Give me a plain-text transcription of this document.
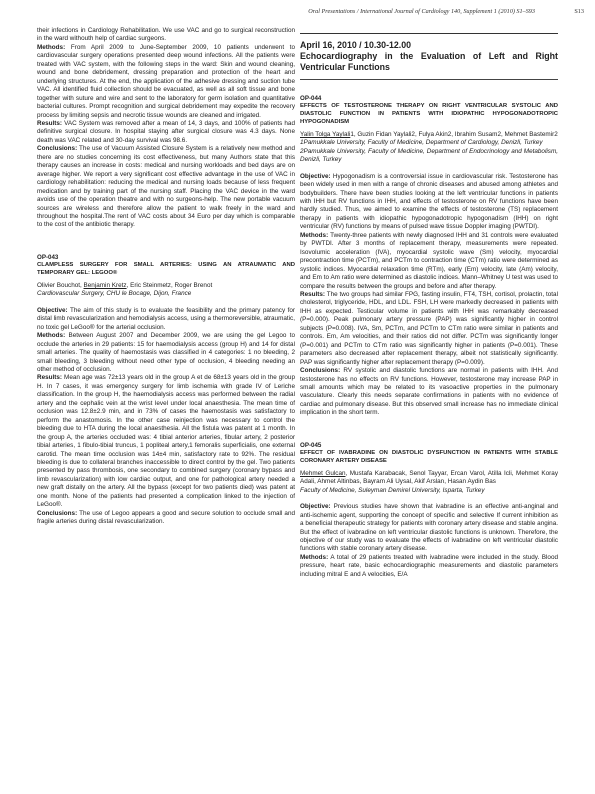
Oral Presentations / International Journal of Cardiology 140, Supplement 1 (2010) S1–S93	S13

their infections in Cardiology Rehabilitation. We use VAC and go to surgical reconstruction in the ward withouth help of cardiac surgeons.

Methods: From April 2009 to June-September 2009, 10 patients underwent to cardiovascular surgery operations presented deep wound infections. All the patients were treated with VAC system, with the following steps in the ward: Skin and wound cleaning, wound and bone debridement, dressing preparation and protection of the heart and underlying structures. At the end, the application of the adhesive dressing and suction tube VAC. All identified fluid collection should be evacuated, as well as all soft tissue and bone together with suture and wire and sent to the laboratory for germ isolation and quantitative bacterial cultures. Prompt recognition and surgical debridement may expedite the recovery process by limiting sepsis and necrotic tissue wounds are cleaned and irrigated.

Results: VAC System was removed after a mean of 14, 3 days, and 100% of patients had definitive surgical closure. In hospital staying after surgical closure was 4.3 days. None death was VAC related and 30-day survival was 98.6.

Conclusions: The use of Vacuum Assisted Closure System is a relatively new method and there are no studies concerning its cost effectiveness, but many Authors state that this therapy causes an increase in costs: medical and nursing workloads and bed days are on average higher. We report a very significant cost effective advantage in the use of VAC in cardiology rehabilitation: reducing the medical and nursing loads because of less frequent medication and by training part of the nursing staff. Placing the VAC device in the ward avoids use of the operation theatre and with no surgeons-help. The new portable vacuum sources are wireless and therefore allow the patient to walk freely in the ward and throughout the hospital.The rent of VAC costs about 34 Euro per day which is comparable to the cost of the antibiotic therapy.

OP-043

CLAMPLESS SURGERY FOR SMALL ARTERIES: USING AN ATRAUMATIC AND TEMPORARY GEL: LEGOO®

Olivier Bouchot, Benjamin Kretz, Eric Steinmetz, Roger Brenot

Cardiovascular Surgery, CHU le Bocage, Dijon, France

Objective: The aim of this study is to evaluate the feasibility and the primary patency for distal limb revascularization and hemodialysis access, using a thermoreversible, atraumatic, no toxic gel LeGoo® for the arterial occlusion.

Methods: Between August 2007 and December 2009, we are using the gel Legoo to occlude the arteries in 29 patients: 15 for haemodialysis access (group H) and 14 for distal small arteries. The quality of haemostasis was classified in 4 categories: 1 no bleeding, 2 small bleeding, 3 bleeding without need other type of occlusion, 4 bleeding needing an other method of occlusion.

Results: Mean age was 72±13 years old in the group A et de 68±13 years old in the group H. In 7 cases, it was emergency surgery for limb ischemia with grade IV of Leriche classification. In the group H, the haemodialysis access was performed between the radial artery and the cephalic vein at the wrist level under local anaesthesia. The mean time of occlusion was 12.8±2.9 min, and in 73% of cases the haemostasis was satisfactory to perform the anastomosis. In the other case reinjection was necessary to control the bleeding due to HTA during the local anaesthesia. All the fistula was patent at 1 month. In the group A, the arteries occluded was: 4 tibial anterior arteries, fibular artery, 2 posterior tibial arteries, 1 fibulo-tibial truncus, 1 popliteal artery,1 femoralis superficialis, one external carotid. The mean time occlusion was 14±4 min, satisfactory rate to 92%. The residual bleeding is due to collateral branches inaccessible to direct control by the gel. Two patients presented by pass thrombosis, one secondary to combined surgery (coronary bypass and limb revascularization) with low cardiac output, and one for pathological artery needed a new graft distally on the artery. All the bypass (except for two patients died) was patent at one month. None of the patients had presented a complication linked to the injection of LeGoo®.

Conclusions: The use of Legoo appears a good and secure solution to occlude small and fragile arteries during distal revascularization.

April 16, 2010 / 10.30-12.00

Echocardiography in the Evaluation of Left and Right Ventricular Functions

OP-044

EFFECTS OF TESTOSTERONE THERAPY ON RIGHT VENTRICULAR SYSTOLIC AND DIASTOLIC FUNCTION IN PATIENTS WITH IDIOPATHIC HYPOGONADOTROPIC HYPOGONADISM

Yalin Tolga Yaylali1, Guzin Fidan Yaylali2, Fulya Akin2, Ibrahim Susam2, Mehmet Bastemir2

1Pamukkale University, Faculty of Medicine, Department of Cardiology, Denizli, Turkey

2Pamukkale University, Faculty of Medicine, Department of Endocrinology and Metabolism, Denizli, Turkey

Objective: Hypogonadism is a controversial issue in cardiovascular risk. Testosterone has been widely used in men with a range of chronic diseases and abused among athletes and bodybuilders. There have been studies looking at the left ventricular functions in patients with IHH but RV functions in IHH, and effects of testosterone on RV functions have been hardly studied. Thus, we aimed to examine the effects of testosterone (TS) replacement therapy in patients with idiopathic hypogonadotropic hypogonadism (IHH) on right ventricular (RV) functions by means of pulsed wave tissue Doppler imaging (PWTDI).

Methods: Twenty-three patients with newly diagnosed IHH and 31 controls were evaluated by PWTDI. After 3 months of replacement therapy, measurements were repeated. Isovolumic acceleration (IVA), myocardial systolic wave (Sm) velocity, myocardial precontraction time (PCTm), and PCTm to contraction time (CTm) ratio were determined as systolic indices. Myocardial relaxation time (RTm), early (Em) velocity, late (Am) velocity, and Em to Am ratio were determined as diastolic indices. Mann–Whitney U test was used to compare the results between the groups and before and after therapy.

Results: The two groups had similar FPG, fasting insulin, FT4, TSH, cortisol, prolactin, total cholesterol, triglyceride, HDL, and LDL. FSH, LH were markedly decreased in patients with IHH as expected. Testicular volume in patients with IHH was remarkably decreased (P=0.000). Peak pulmonary artery pressure (PAP) was significantly higher in control subjects (P=0.008). IVA, Sm, PCTm, and PCTm to CTm ratio were similar in patients and controls. Em, Am velocities, and their ratios did not differ. PCTm was significantly longer (P=0.001) and PCTm to CTm ratio was significantly higher in patients (P=0.001). These parameters also decreased after replacement therapy, albeit not statistically significantly. PAP was significantly higher after replacement therapy (P=0.009).

Conclusions: RV systolic and diastolic functions are normal in patients with IHH. And testosterone has no effects on RV functions. However, testosterone may increase PAP in small amounts which may be related to its vasoactive properties in the pulmonary vasculature. Clearly this needs separate confirmations in patients with no evidence of cardiac and pulmonary disease. But this observed small increase has no immediate clinical implication in the short term.

OP-045

EFFECT OF IVABRADINE ON DIASTOLIC DYSFUNCTION IN PATIENTS WITH STABLE CORONARY ARTERY DISEASE

Mehmet Gulcan, Mustafa Karabacak, Senol Tayyar, Ercan Varol, Atilla Icli, Mehmet Koray Adali, Ahmet Altinbas, Bayram Ali Uysal, Akif Arslan, Hasan Aydin Bas

Faculty of Medicine, Suleyman Demirel University, Isparta, Turkey

Objective: Previous studies have shown that ivabradine is an effective anti-anginal and anti-ischemic agent, supporting the concept of specific and selective If current inhibition as a beneficial therapeutic strategy for patients with coronary artery disease and stable angina. But the effect of ivabradine on left ventricular diastolic functions is unknown. Therefore, the objective of our study was to evaluate the effects of ivabradine on left ventricular diastolic functions with stable coronary artery disease.

Methods: A total of 29 patients treated with ivabradine were included in the study. Blood pressure, heart rate, basic echocardiographic measurements and diastolic parameters including mitral E and A velocities, E/A
